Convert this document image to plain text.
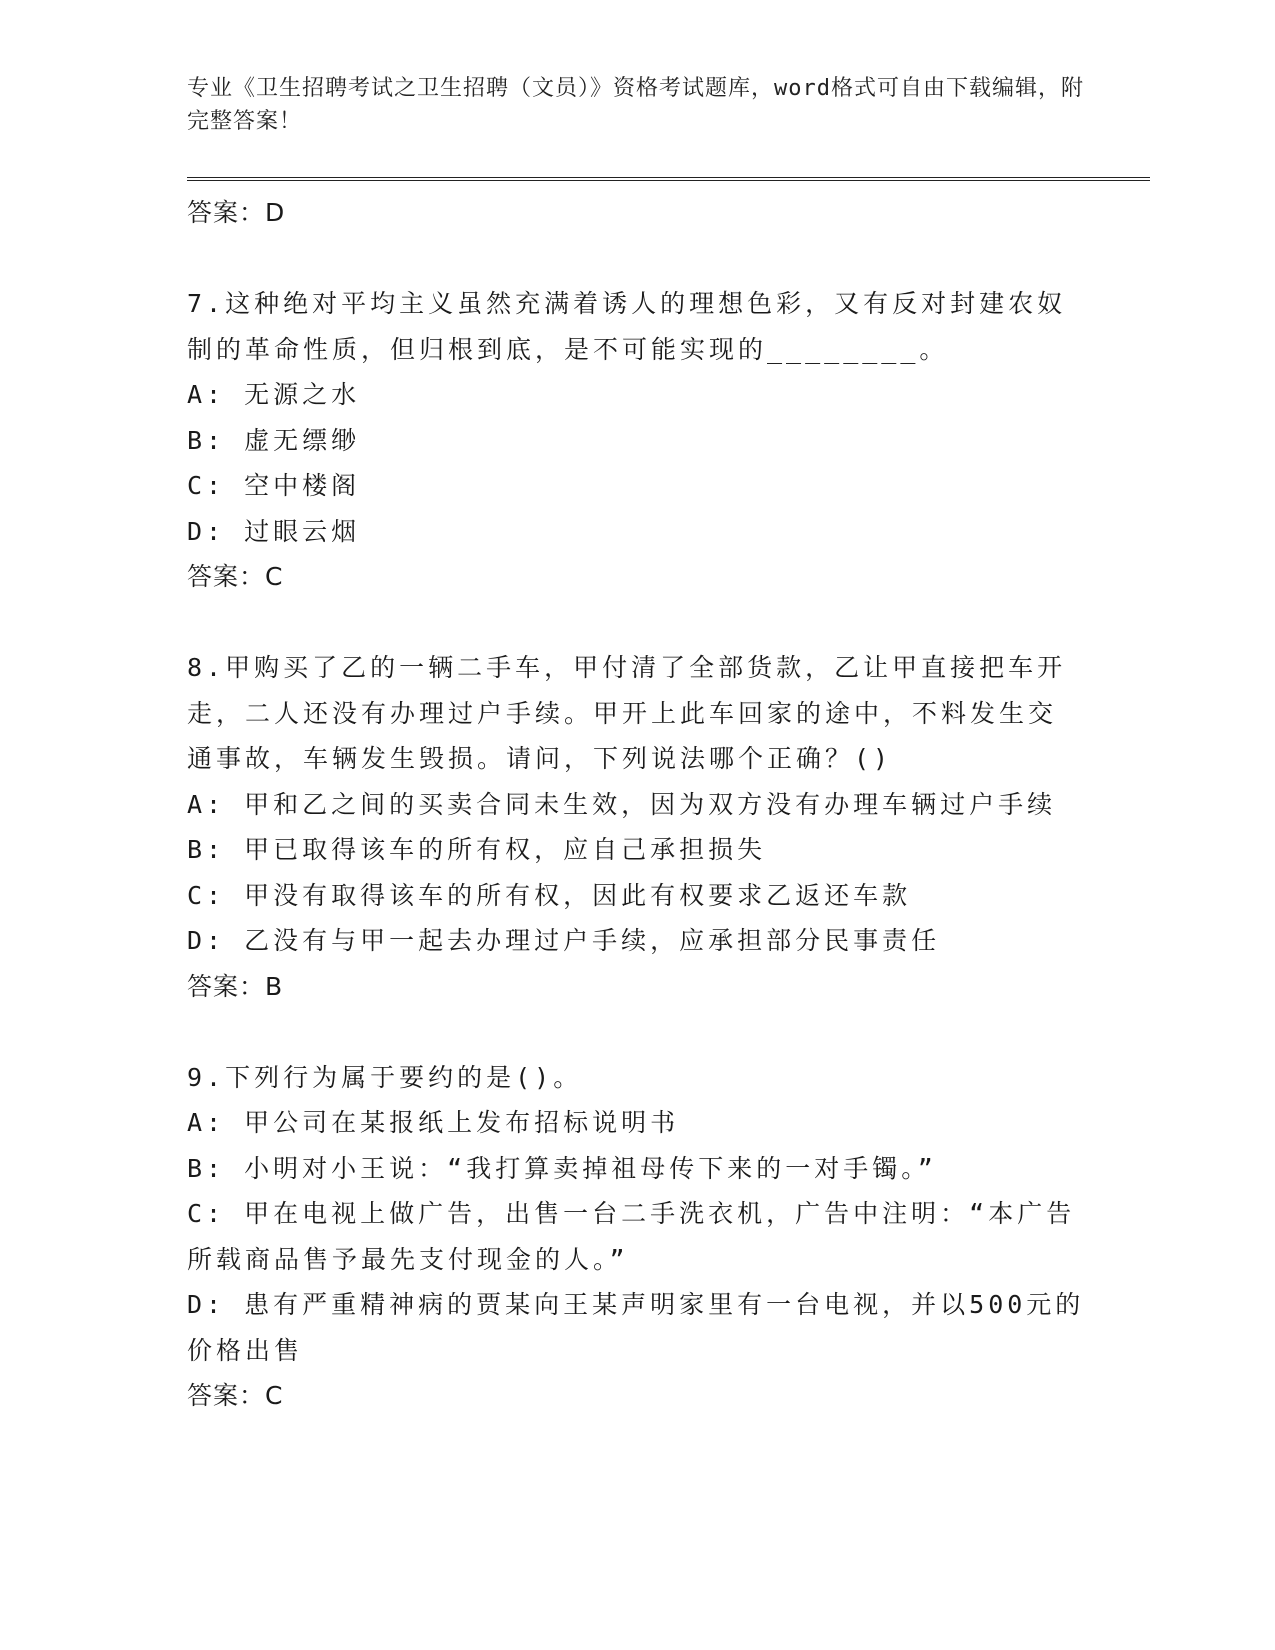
专业《卫生招聘考试之卫生招聘（文员）》资格考试题库，word格式可自由下载编辑，附完整答案！
答案：D
7.这种绝对平均主义虽然充满着诱人的理想色彩，又有反对封建农奴
制的革命性质，但归根到底，是不可能实现的________。
A: 无源之水
B: 虚无缥缈
C: 空中楼阁
D: 过眼云烟
答案：C
8.甲购买了乙的一辆二手车，甲付清了全部货款，乙让甲直接把车开
走，二人还没有办理过户手续。甲开上此车回家的途中，不料发生交
通事故，车辆发生毁损。请问，下列说法哪个正确？()
A: 甲和乙之间的买卖合同未生效，因为双方没有办理车辆过户手续
B: 甲已取得该车的所有权，应自己承担损失
C: 甲没有取得该车的所有权，因此有权要求乙返还车款
D: 乙没有与甲一起去办理过户手续，应承担部分民事责任
答案：B
9.下列行为属于要约的是()。
A: 甲公司在某报纸上发布招标说明书
B: 小明对小王说：“我打算卖掉祖母传下来的一对手镯。”
C: 甲在电视上做广告，出售一台二手洗衣机，广告中注明：“本广告
所载商品售予最先支付现金的人。”
D: 患有严重精神病的贾某向王某声明家里有一台电视，并以500元的
价格出售
答案：C
